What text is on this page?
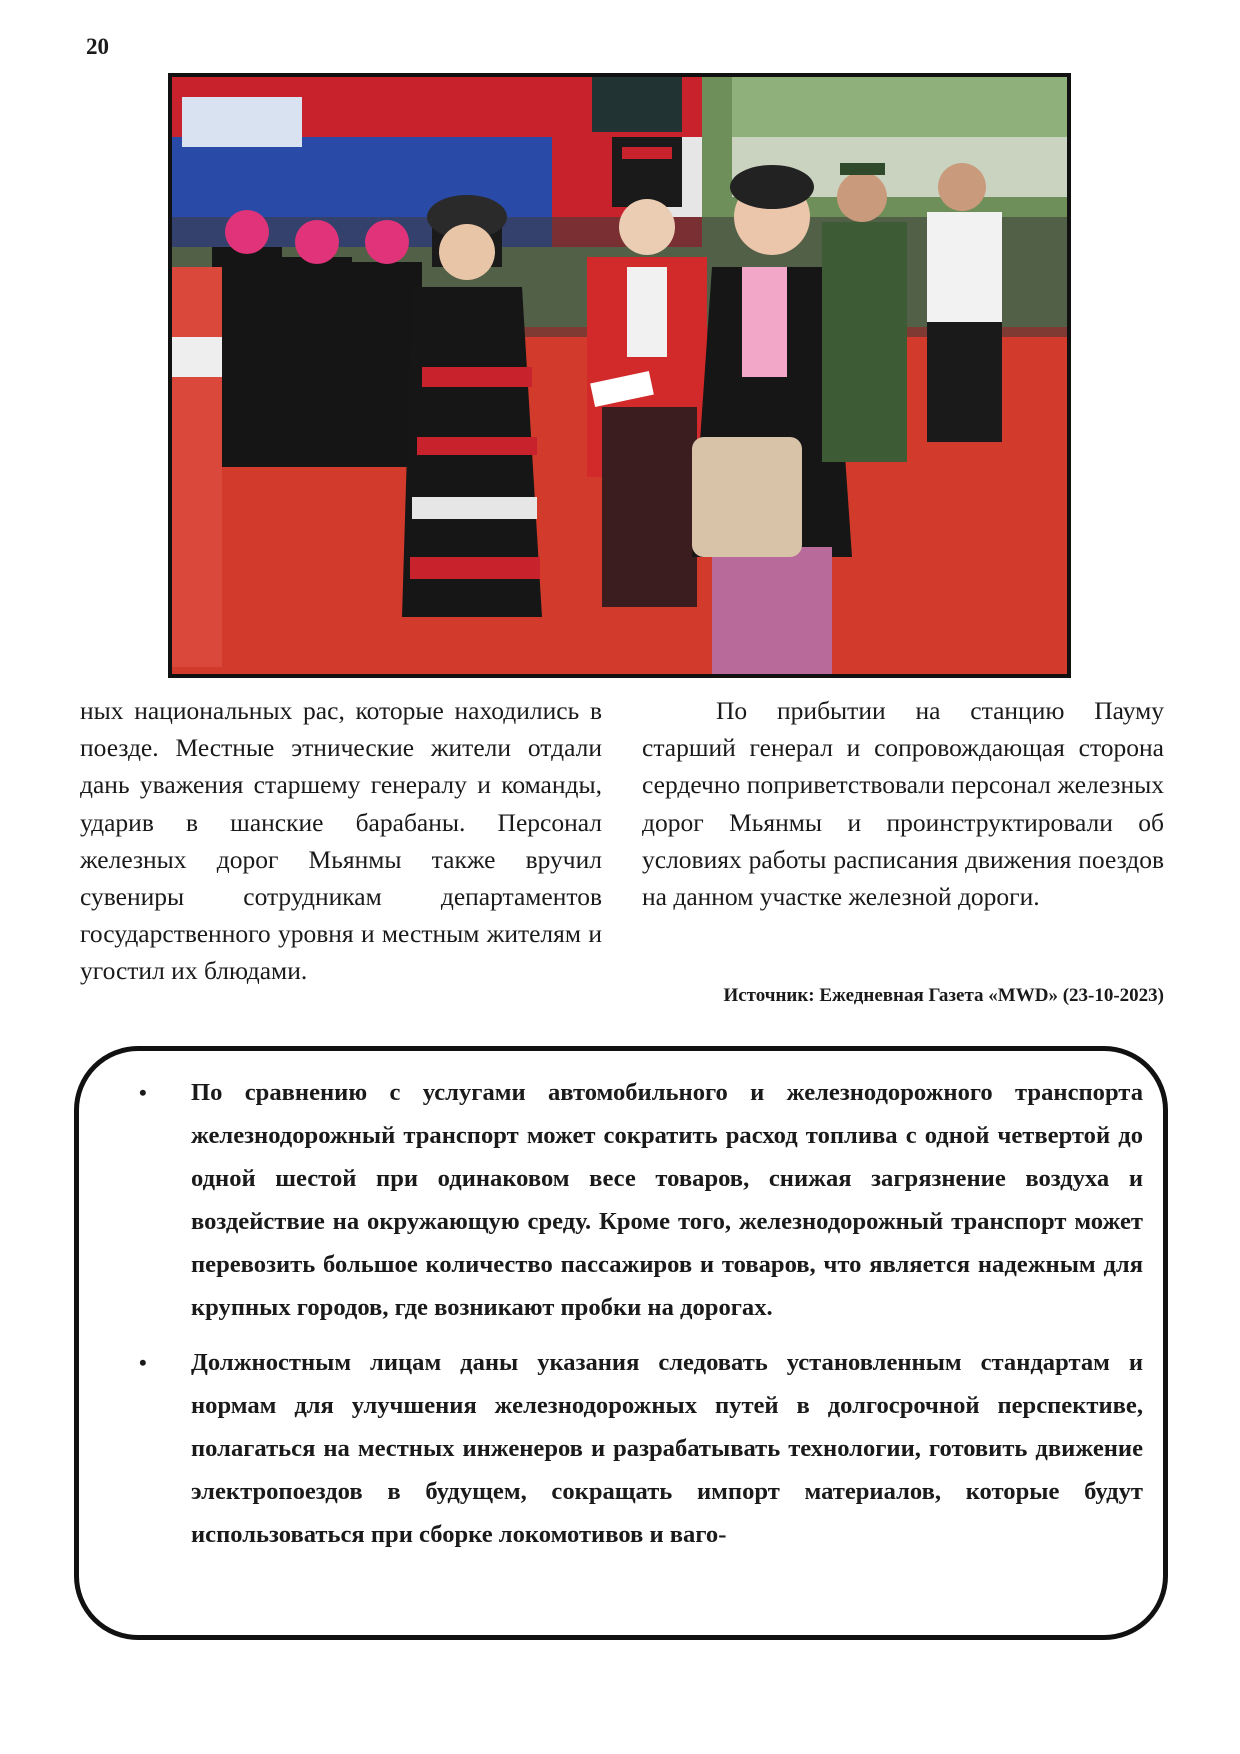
20

ных национальных рас, которые находились в поезде. Местные этнические жители отдали дань уважения старшему генералу и команды, ударив в шанские барабаны. Персонал железных дорог Мьянмы также вручил сувениры сотрудникам департаментов государственного уровня и местным жителям и угостил их блюдами.

По прибытии на станцию Пауму старший генерал и сопровождающая сторона сердечно поприветствовали персонал железных дорог Мьянмы и проинструктировали об условиях работы расписания движения поездов на данном участке железной дороги.

Источник: Ежедневная Газета «MWD» (23-10-2023)
• По сравнению с услугами автомобильного и железнодорожного транспорта железнодорожный транспорт может сократить расход топлива с одной четвертой до одной шестой при одинаковом весе товаров, снижая загрязнение воздуха и воздействие на окружающую среду. Кроме того, железнодорожный транспорт может перевозить большое количество пассажиров и товаров, что является надежным для крупных городов, где возникают пробки на дорогах.
• Должностным лицам даны указания следовать установленным стандартам и нормам для улучшения железнодорожных путей в долгосрочной перспективе, полагаться на местных инженеров и разрабатывать технологии, готовить движение электропоездов в будущем, сокращать импорт материалов, которые будут использоваться при сборке локомотивов и ваго-
